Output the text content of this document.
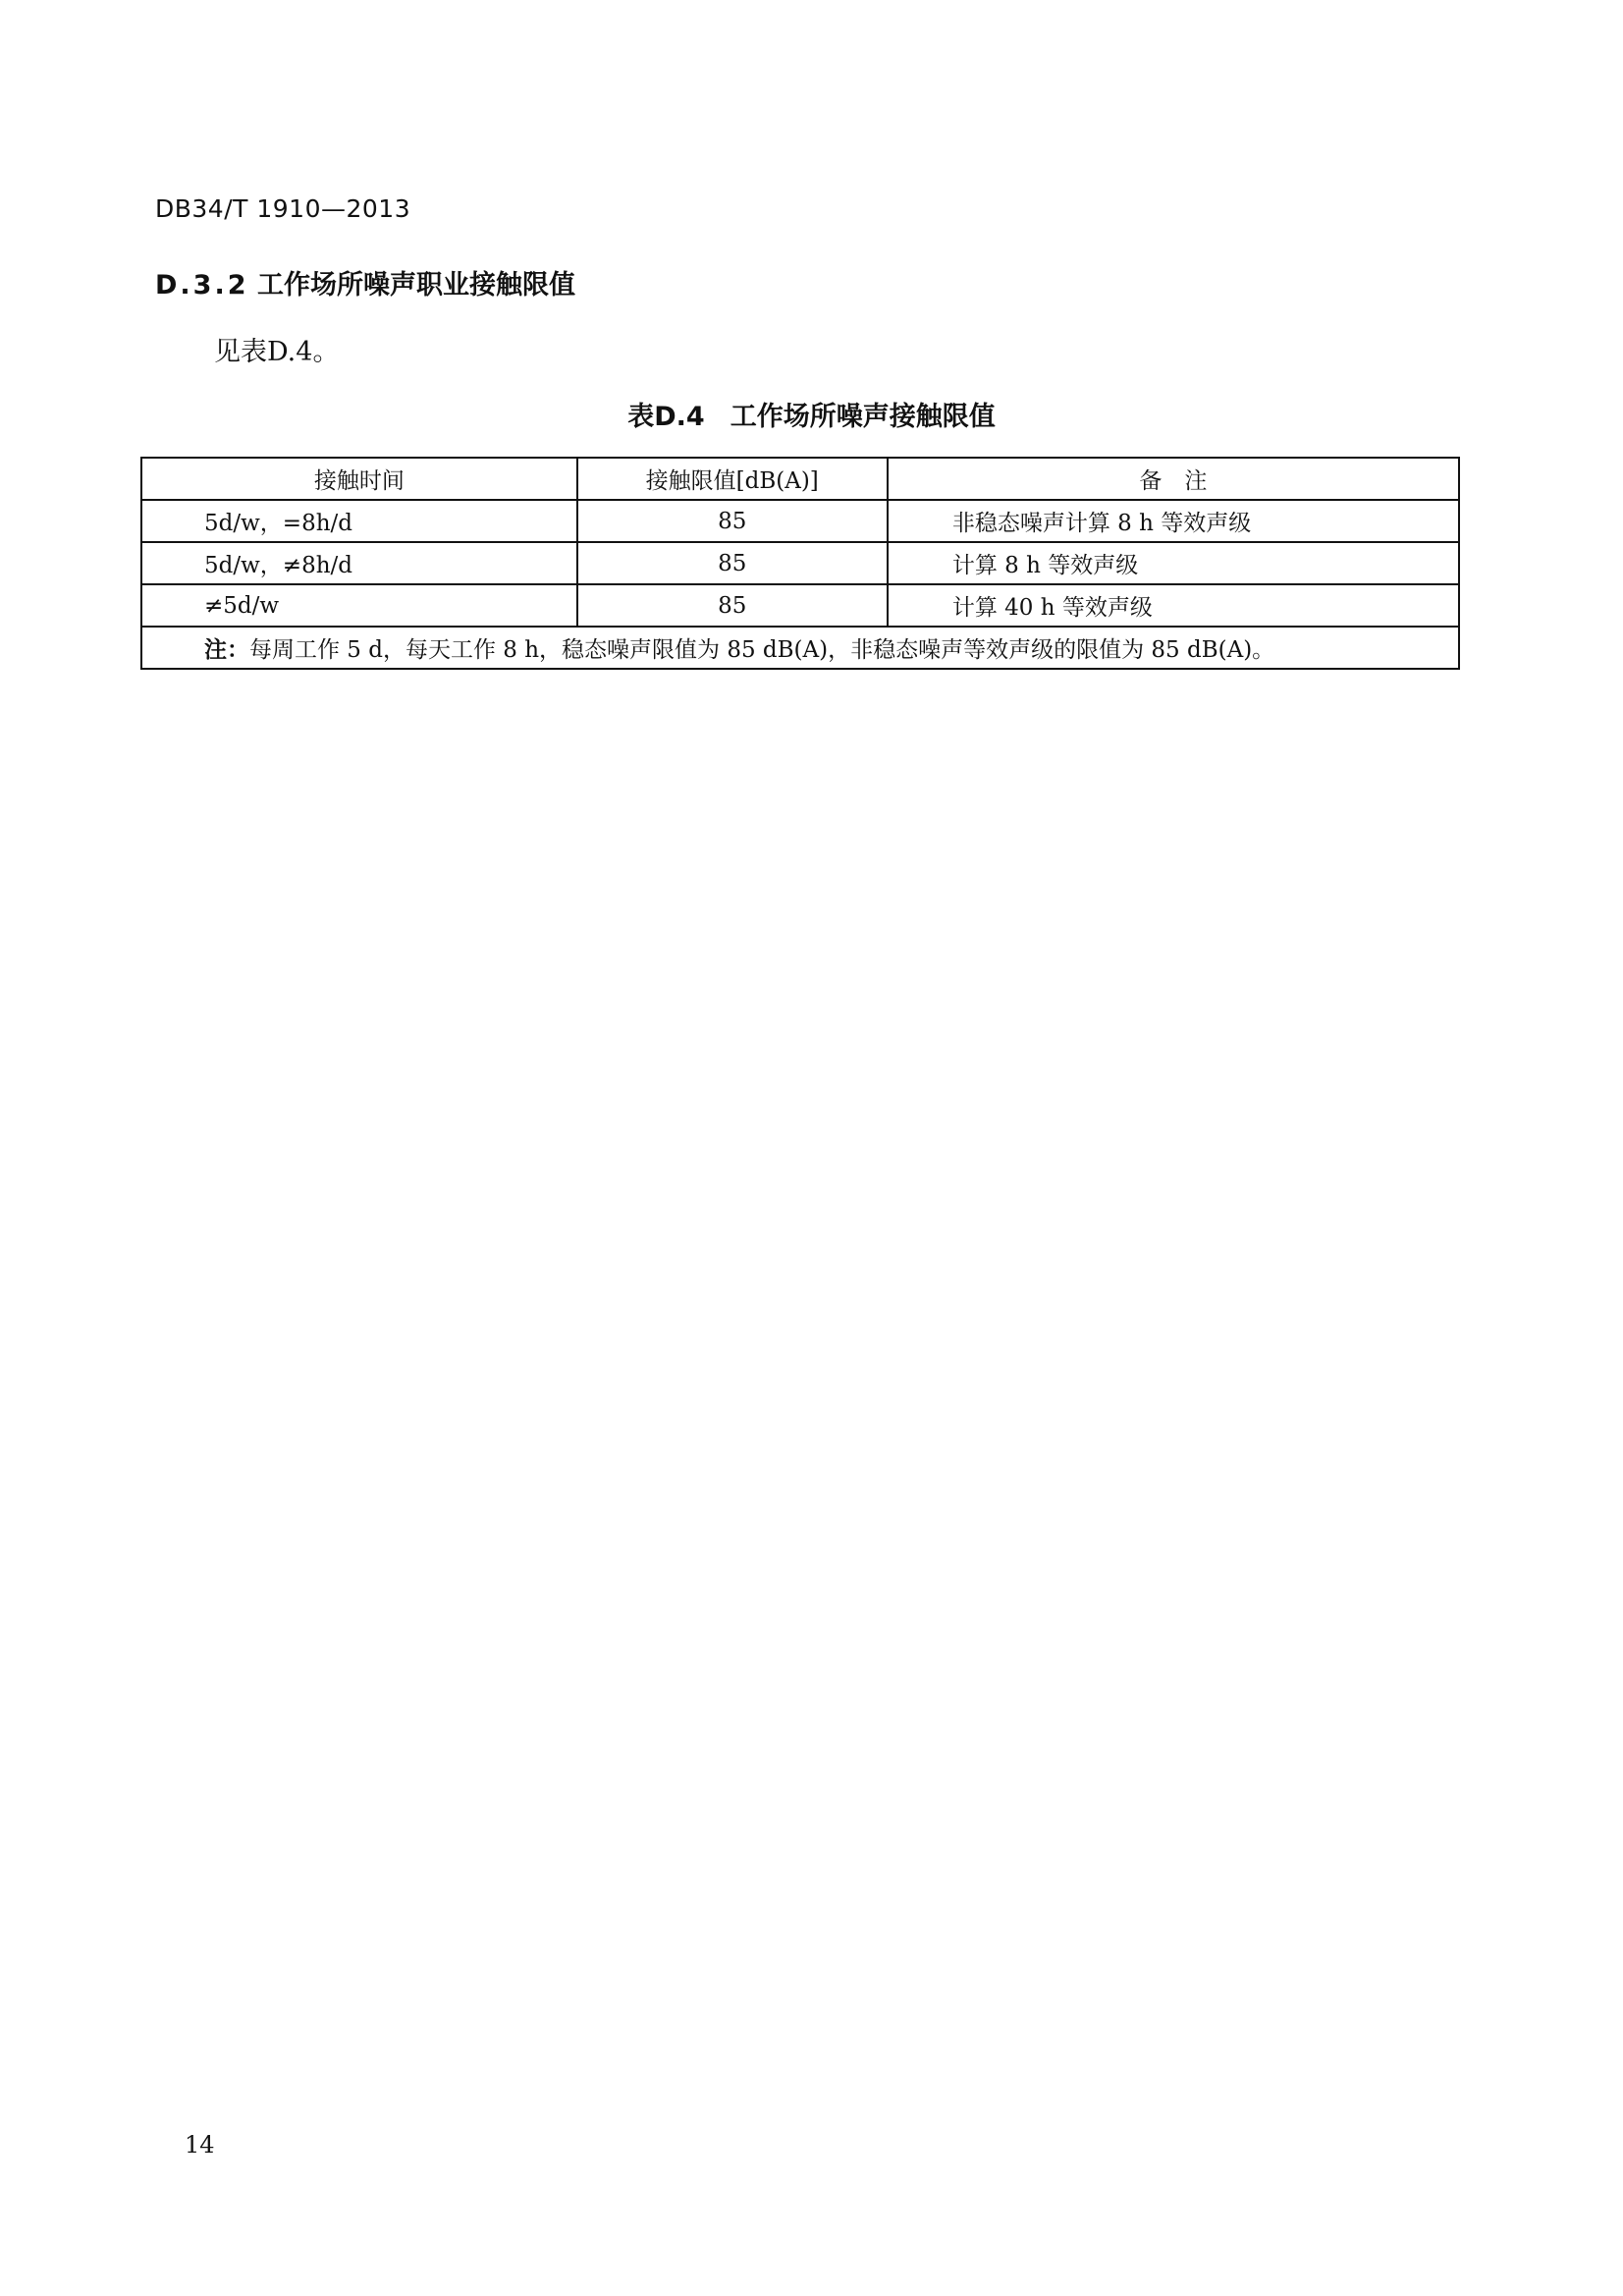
DB34/T 1910—2013
D.3.2 工作场所噪声职业接触限值
见表D.4。
表D.4 工作场所噪声接触限值
接触时间	接触限值[dB(A)]	备　注
5d/w，=8h/d	85	非稳态噪声计算 8 h 等效声级
5d/w，≠8h/d	85	计算 8 h 等效声级
≠5d/w	85	计算 40 h 等效声级
注：每周工作 5 d，每天工作 8 h，稳态噪声限值为 85 dB(A)，非稳态噪声等效声级的限值为 85 dB(A)。		
14
